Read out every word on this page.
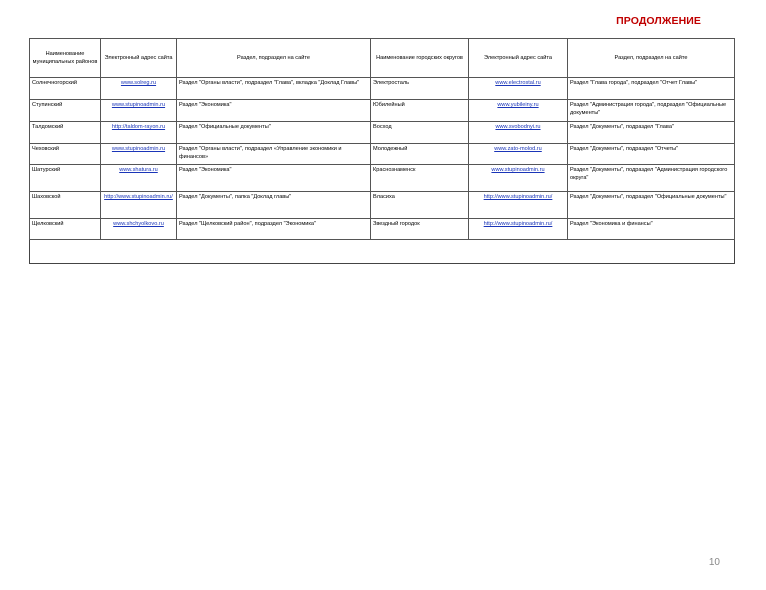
ПРОДОЛЖЕНИЕ
Наименование муниципальных районов	Электронный адрес сайта	Раздел, подраздел на сайте	Наименование городских округов	Электронный адрес сайта	Раздел, подраздел на сайте
Солнечногорский	www.solreg.ru	Раздел "Органы власти", подраздел "Глава", вкладка "Доклад Главы"	Электросталь	www.electrostal.ru	Раздел "Глава города", подраздел "Отчет Главы"
Ступинский	www.stupinoadmin.ru	Раздел "Экономика"	Юбилейный	www.yubileiny.ru	Раздел "Администрация города", подраздел "Официальные документы"
Талдомский	http://taldom-rayon.ru	Раздел "Официальные документы"	Восход	www.svobodnyi.ru	Раздел "Документы", подраздел "Глава"
Чеховский	www.stupinoadmin.ru	Раздел "Органы власти", подраздел «Управление экономики и финансов»	Молодежный	www.zato-molod.ru	Раздел "Документы", подраздел "Отчеты"
Шатурский	www.shatura.ru	Раздел "Экономика"	Краснознаменск	www.stupinoadmin.ru	Раздел "Документы", подраздел "Администрация городского округа"
Шаховской	http://www.stupinoadmin.ru/	Раздел "Документы", папка "Доклад главы"	Власиха	http://www.stupinoadmin.ru/	Раздел "Документы", подраздел "Официальные документы"
Щелковский	www.shchyolkovo.ru	Раздел "Щелковский район", подраздел "Экономика"	Звездный городок	http://www.stupinoadmin.ru/	Раздел "Экономика и финансы"
10
